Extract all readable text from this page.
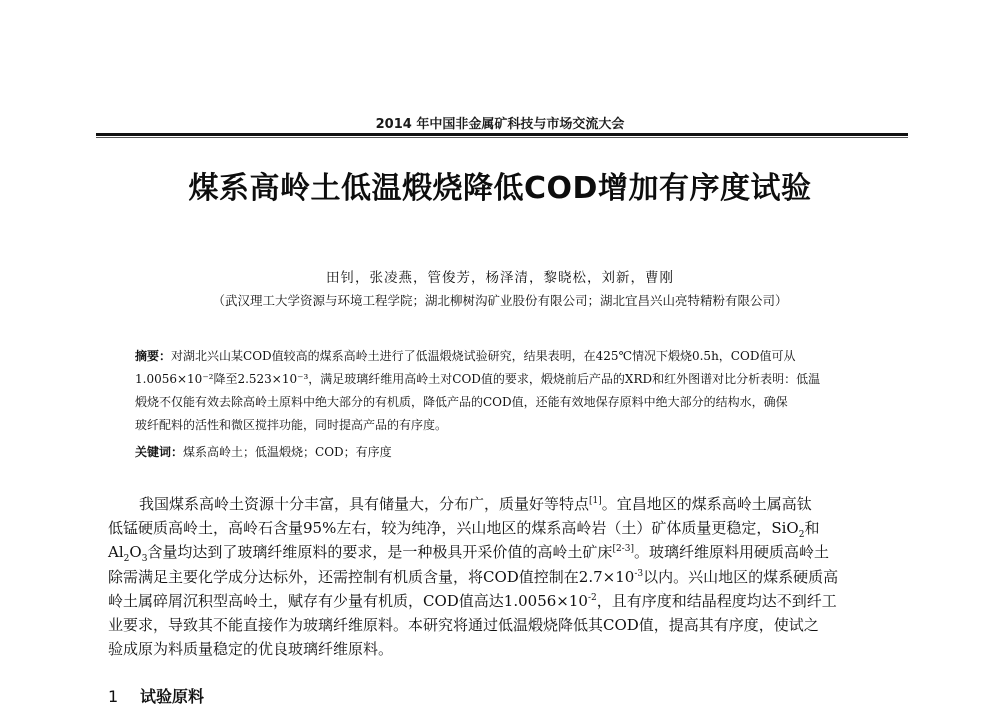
2014 年中国非金属矿科技与市场交流大会
煤系高岭土低温煅烧降低COD增加有序度试验
田钊，张凌燕，管俊芳，杨泽清，黎晓松，刘新，曹刚
（武汉理工大学资源与环境工程学院；湖北柳树沟矿业股份有限公司；湖北宜昌兴山亮特精粉有限公司）
摘要：对湖北兴山某COD值较高的煤系高岭土进行了低温煅烧试验研究，结果表明，在425℃情况下煅烧0.5h，COD值可从
1.0056×10⁻²降至2.523×10⁻³，满足玻璃纤维用高岭土对COD值的要求，煅烧前后产品的XRD和红外图谱对比分析表明：低温
煅烧不仅能有效去除高岭土原料中绝大部分的有机质，降低产品的COD值，还能有效地保存原料中绝大部分的结构水，确保
玻纤配料的活性和微区搅拌功能，同时提高产品的有序度。
关键词：煤系高岭土；低温煅烧；COD；有序度
我国煤系高岭土资源十分丰富，具有储量大，分布广，质量好等特点[1]。宜昌地区的煤系高岭土属高钛
低锰硬质高岭土，高岭石含量95%左右，较为纯净，兴山地区的煤系高岭岩（土）矿体质量更稳定，SiO$_2$和
$Al_2O_3$含量均达到了玻璃纤维原料的要求，是一种极具开采价值的高岭土矿床[2-3]。玻璃纤维原料用硬质高岭土
除需满足主要化学成分达标外，还需控制有机质含量，将COD值控制在$2.7\times 10^{-3}$以内。兴山地区的煤系硬质高
岭土属碎屑沉积型高岭土，赋存有少量有机质，COD值高达$1.0056\times 10^{-2}$，且有序度和结晶程度均达不到纤工
业要求，导致其不能直接作为玻璃纤维原料。本研究将通过低温煅烧降低其COD值，提高其有序度，使试之
验成原为料质量稳定的优良玻璃纤维原料。
1 试验原料
